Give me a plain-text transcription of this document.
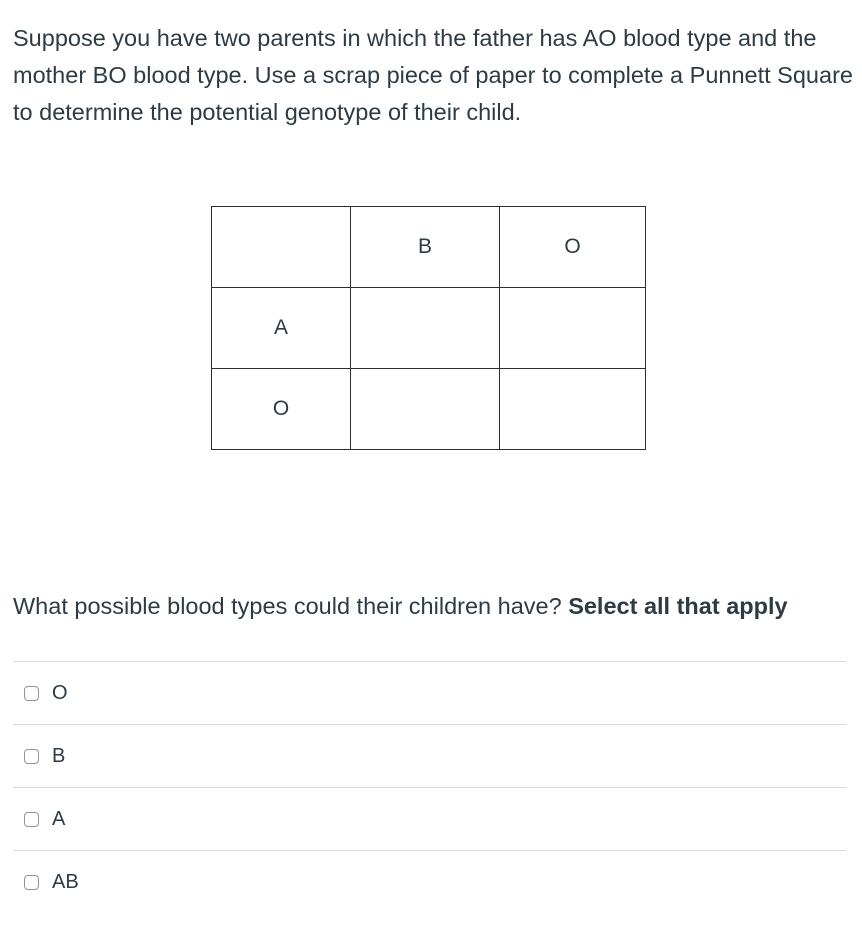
Suppose you have two parents in which the father has AO blood type and the mother BO blood type. Use a scrap piece of paper to complete a Punnett Square to determine the potential genotype of their child.

	B	O
A		
O		

What possible blood types could their children have? Select all that apply

O
B
A
AB
